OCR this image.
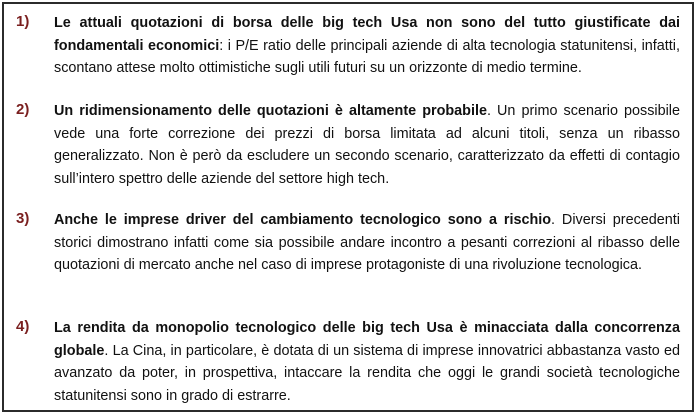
1) Le attuali quotazioni di borsa delle big tech Usa non sono del tutto giustificate dai fondamentali economici: i P/E ratio delle principali aziende di alta tecnologia statunitensi, infatti, scontano attese molto ottimistiche sugli utili futuri su un orizzonte di medio termine.
2) Un ridimensionamento delle quotazioni è altamente probabile. Un primo scenario possibile vede una forte correzione dei prezzi di borsa limitata ad alcuni titoli, senza un ribasso generalizzato. Non è però da escludere un secondo scenario, caratterizzato da effetti di contagio sull’intero spettro delle aziende del settore high tech.
3) Anche le imprese driver del cambiamento tecnologico sono a rischio. Diversi precedenti storici dimostrano infatti come sia possibile andare incontro a pesanti correzioni al ribasso delle quotazioni di mercato anche nel caso di imprese protagoniste di una rivoluzione tecnologica.
4) La rendita da monopolio tecnologico delle big tech Usa è minacciata dalla concorrenza globale. La Cina, in particolare, è dotata di un sistema di imprese innovatrici abbastanza vasto ed avanzato da poter, in prospettiva, intaccare la rendita che oggi le grandi società tecnologiche statunitensi sono in grado di estrarre.
